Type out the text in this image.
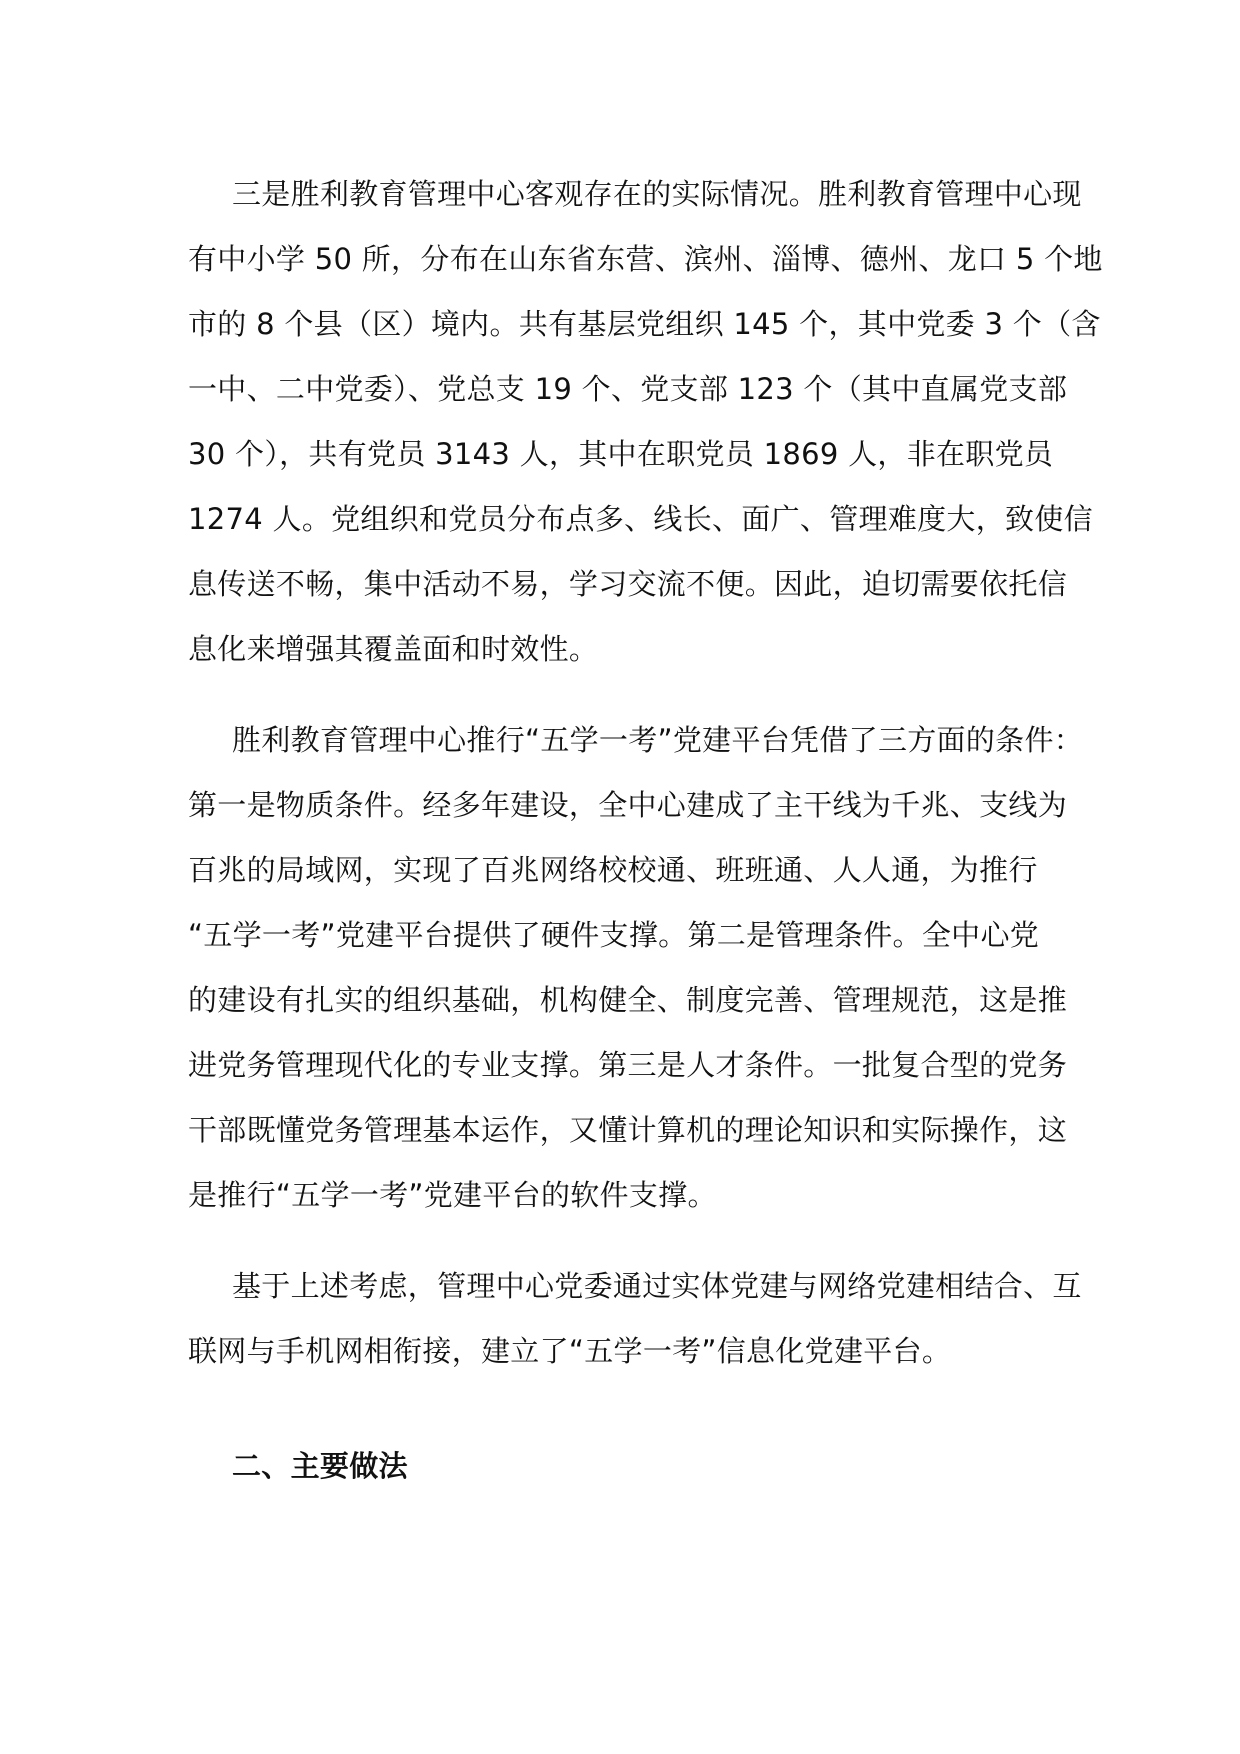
三是胜利教育管理中心客观存在的实际情况。胜利教育管理中心现
有中小学 50 所，分布在山东省东营、滨州、淄博、德州、龙口 5 个地
市的 8 个县（区）境内。共有基层党组织 145 个，其中党委 3 个（含
一中、二中党委）、党总支 19 个、党支部 123 个（其中直属党支部
30 个），共有党员 3143 人，其中在职党员 1869 人，非在职党员
1274 人。党组织和党员分布点多、线长、面广、管理难度大，致使信
息传送不畅，集中活动不易，学习交流不便。因此，迫切需要依托信
息化来增强其覆盖面和时效性。
胜利教育管理中心推行“五学一考”党建平台凭借了三方面的条件：
第一是物质条件。经多年建设，全中心建成了主干线为千兆、支线为
百兆的局域网，实现了百兆网络校校通、班班通、人人通，为推行
“五学一考”党建平台提供了硬件支撑。第二是管理条件。全中心党
的建设有扎实的组织基础，机构健全、制度完善、管理规范，这是推
进党务管理现代化的专业支撑。第三是人才条件。一批复合型的党务
干部既懂党务管理基本运作，又懂计算机的理论知识和实际操作，这
是推行“五学一考”党建平台的软件支撑。
基于上述考虑，管理中心党委通过实体党建与网络党建相结合、互
联网与手机网相衔接，建立了“五学一考”信息化党建平台。
二、主要做法
